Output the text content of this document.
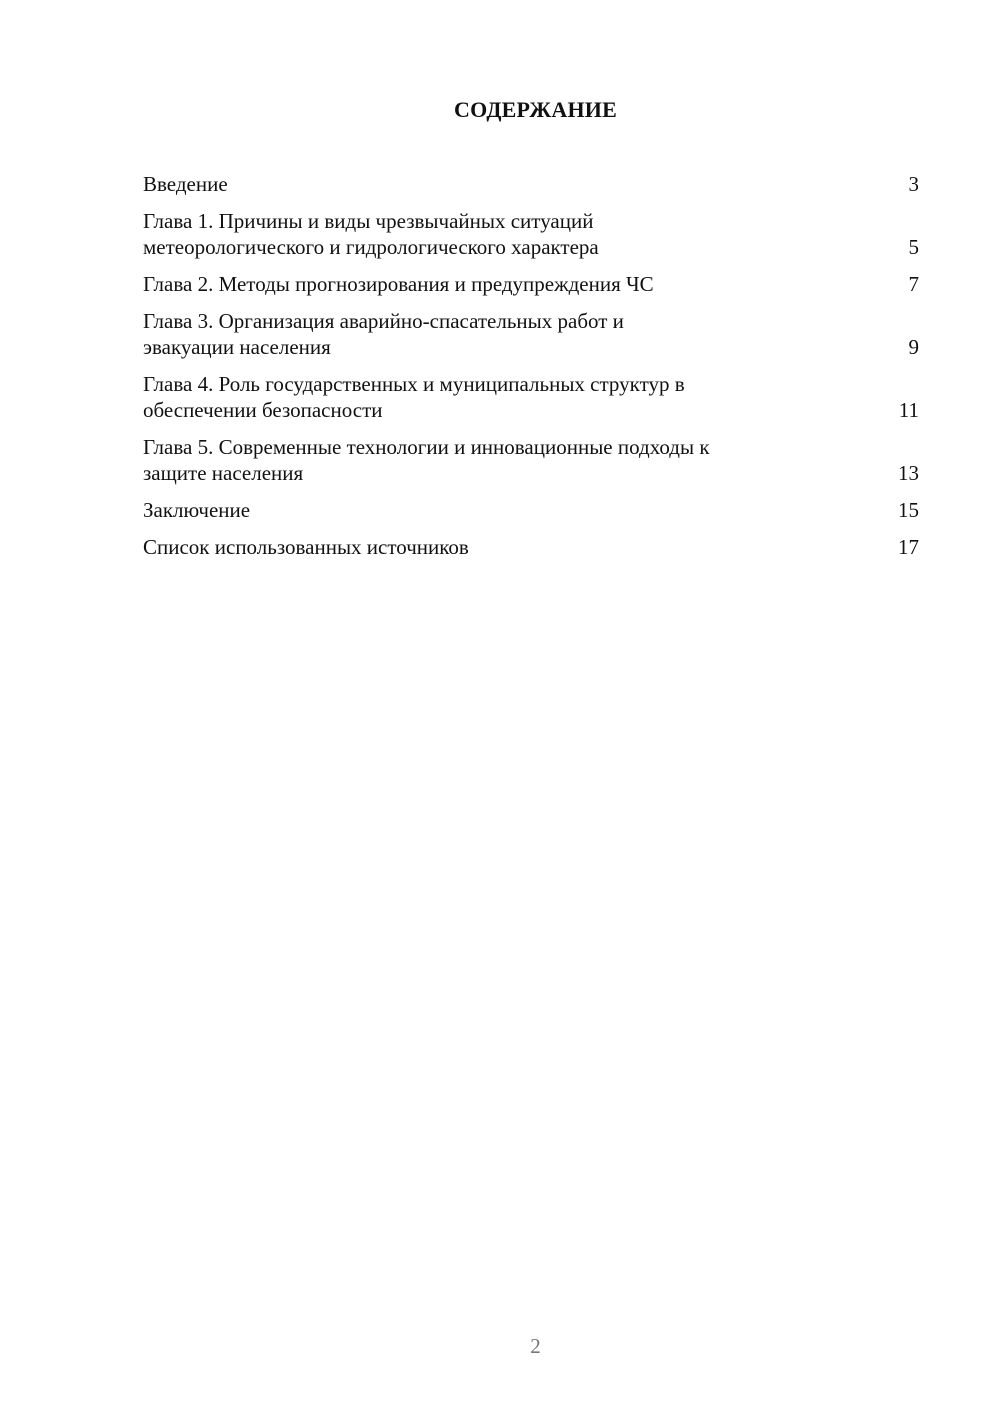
СОДЕРЖАНИЕ
Введение	3
Глава 1. Причины и виды чрезвычайных ситуаций
метеорологического и гидрологического характера	5
Глава 2. Методы прогнозирования и предупреждения ЧС	7
Глава 3. Организация аварийно-спасательных работ и
эвакуации населения	9
Глава 4. Роль государственных и муниципальных структур в
обеспечении безопасности	11
Глава 5. Современные технологии и инновационные подходы к
защите населения	13
Заключение	15
Список использованных источников	17
2
